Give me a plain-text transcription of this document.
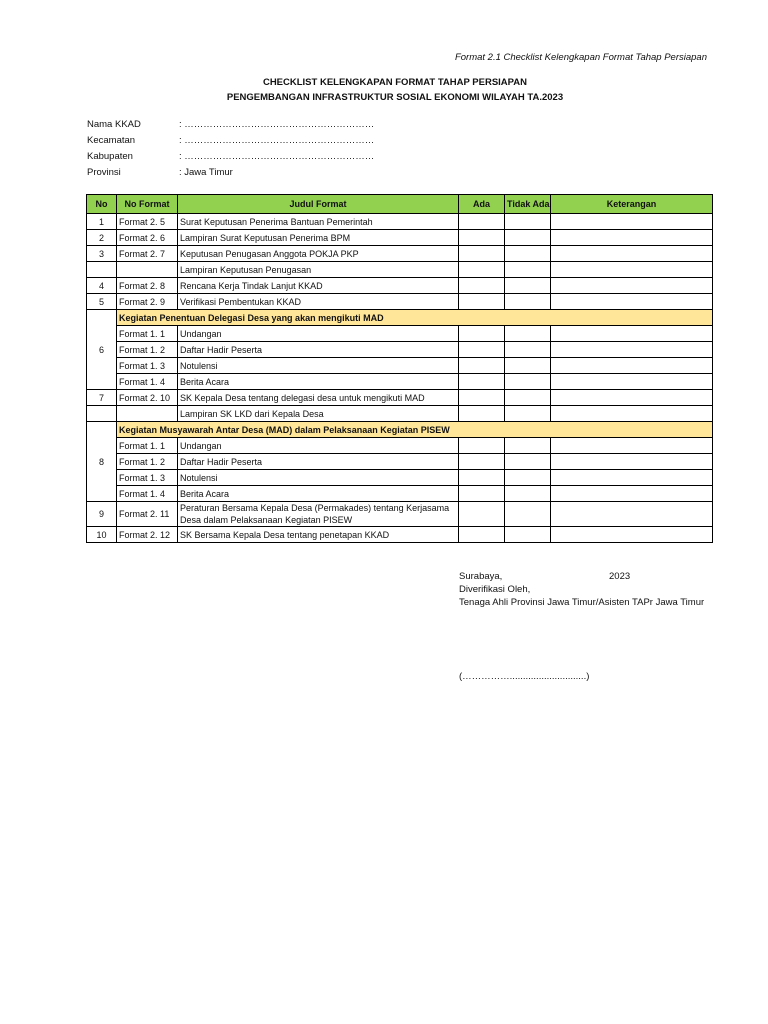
Format 2.1 Checklist Kelengkapan Format Tahap Persiapan
CHECKLIST KELENGKAPAN FORMAT TAHAP PERSIAPAN
PENGEMBANGAN INFRASTRUKTUR SOSIAL EKONOMI WILAYAH TA.2023
Nama KKAD	: ……………………………………………………
Kecamatan	: ……………………………………………………
Kabupaten	: ……………………………………………………
Provinsi	: Jawa Timur
No	No Format	Judul Format	Ada	Tidak Ada	Keterangan
1	Format 2. 5	Surat Keputusan Penerima Bantuan Pemerintah			
2	Format 2. 6	Lampiran Surat Keputusan Penerima BPM			
3	Format 2. 7	Keputusan Penugasan Anggota POKJA PKP			
		Lampiran Keputusan Penugasan			
4	Format 2. 8	Rencana Kerja Tindak Lanjut KKAD			
5	Format 2. 9	Verifikasi Pembentukan KKAD			
6	Kegiatan Penentuan Delegasi Desa yang akan mengikuti MAD				
	Format 1. 1	Undangan			
	Format 1. 2	Daftar Hadir Peserta			
	Format 1. 3	Notulensi			
	Format 1. 4	Berita Acara			
7	Format 2. 10	SK Kepala Desa tentang delegasi desa untuk mengikuti MAD			
		Lampiran SK LKD dari Kepala Desa			
8	Kegiatan Musyawarah Antar Desa (MAD) dalam Pelaksanaan Kegiatan PISEW				
	Format 1. 1	Undangan			
	Format 1. 2	Daftar Hadir Peserta			
	Format 1. 3	Notulensi			
	Format 1. 4	Berita Acara			
9	Format 2. 11	Peraturan Bersama Kepala Desa (Permakades) tentang Kerjasama Desa dalam Pelaksanaan Kegiatan PISEW			
10	Format 2. 12	SK Bersama Kepala Desa tentang penetapan KKAD			
Surabaya,	2023
Diverifikasi Oleh,
Tenaga Ahli Provinsi Jawa Timur/Asisten TAPr Jawa Timur
(…………….............................)
